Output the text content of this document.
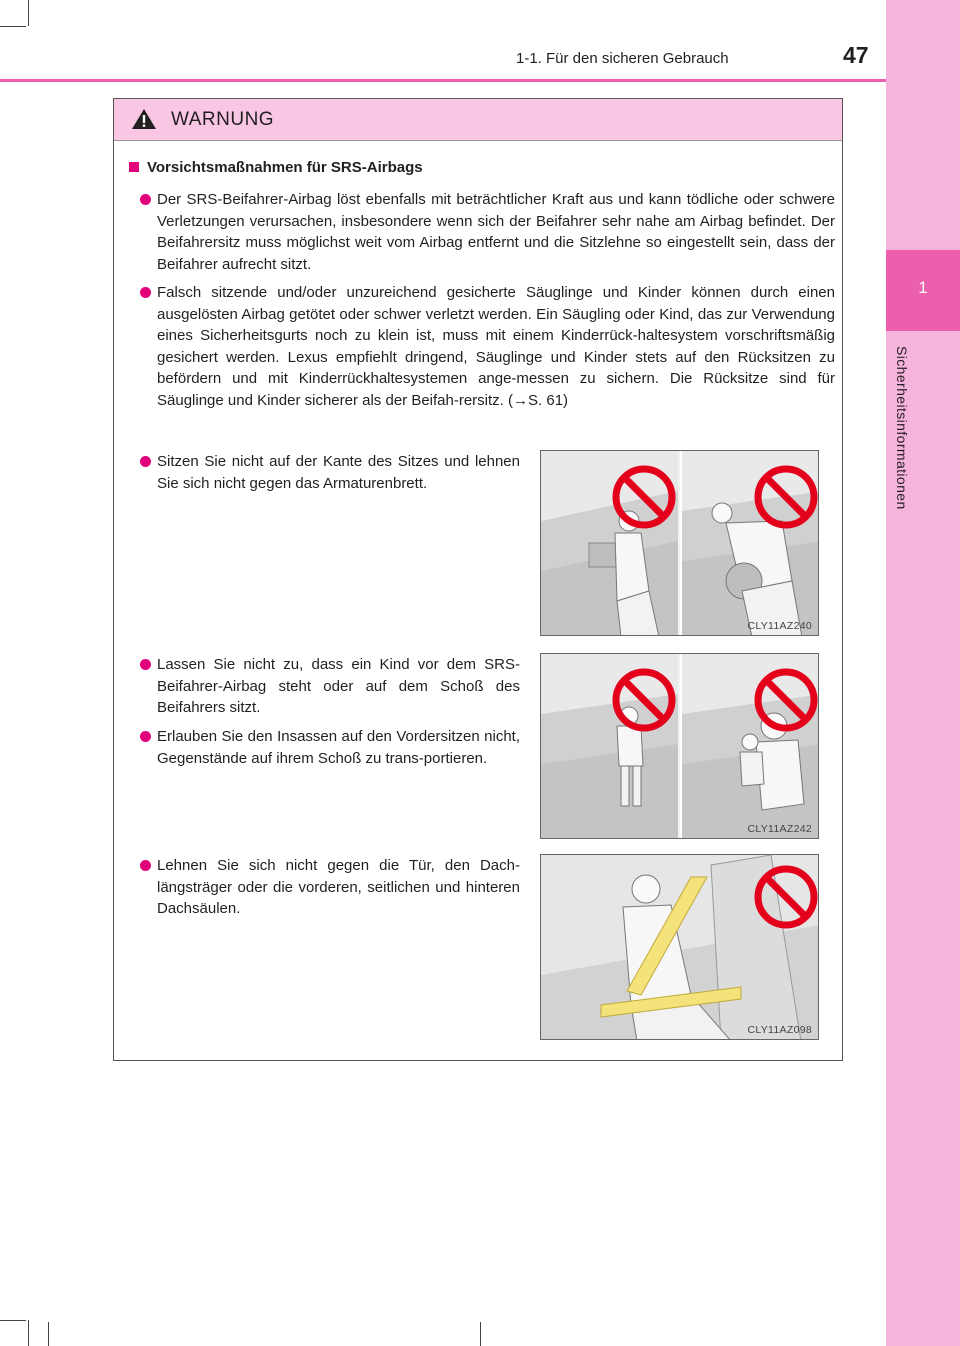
1
Sicherheitsinformationen
1-1. Für den sicheren Gebrauch	47
WARNUNG
Vorsichtsmaßnahmen für SRS-Airbags
Der SRS-Beifahrer-Airbag löst ebenfalls mit beträchtlicher Kraft aus und kann tödliche oder schwere Verletzungen verursachen, insbesondere wenn sich der Beifahrer sehr nahe am Airbag befindet. Der Beifahrersitz muss möglichst weit vom Airbag entfernt und die Sitzlehne so eingestellt sein, dass der Beifahrer aufrecht sitzt.
Falsch sitzende und/oder unzureichend gesicherte Säuglinge und Kinder können durch einen ausgelösten Airbag getötet oder schwer verletzt werden. Ein Säugling oder Kind, das zur Verwendung eines Sicherheitsgurts noch zu klein ist, muss mit einem Kinderrück-haltesystem vorschriftsmäßig gesichert werden. Lexus empfiehlt dringend, Säuglinge und Kinder stets auf den Rücksitzen zu befördern und mit Kinderrückhaltesystemen ange-messen zu sichern. Die Rücksitze sind für Säuglinge und Kinder sicherer als der Beifah-rersitz. (→S. 61)
Sitzen Sie nicht auf der Kante des Sitzes und lehnen Sie sich nicht gegen das Armaturenbrett.
Lassen Sie nicht zu, dass ein Kind vor dem SRS-Beifahrer-Airbag steht oder auf dem Schoß des Beifahrers sitzt.
Erlauben Sie den Insassen auf den Vordersitzen nicht, Gegenstände auf ihrem Schoß zu trans-portieren.
Lehnen Sie sich nicht gegen die Tür, den Dach-längsträger oder die vorderen, seitlichen und hinteren Dachsäulen.
CLY11AZ240
CLY11AZ242
CLY11AZ098
